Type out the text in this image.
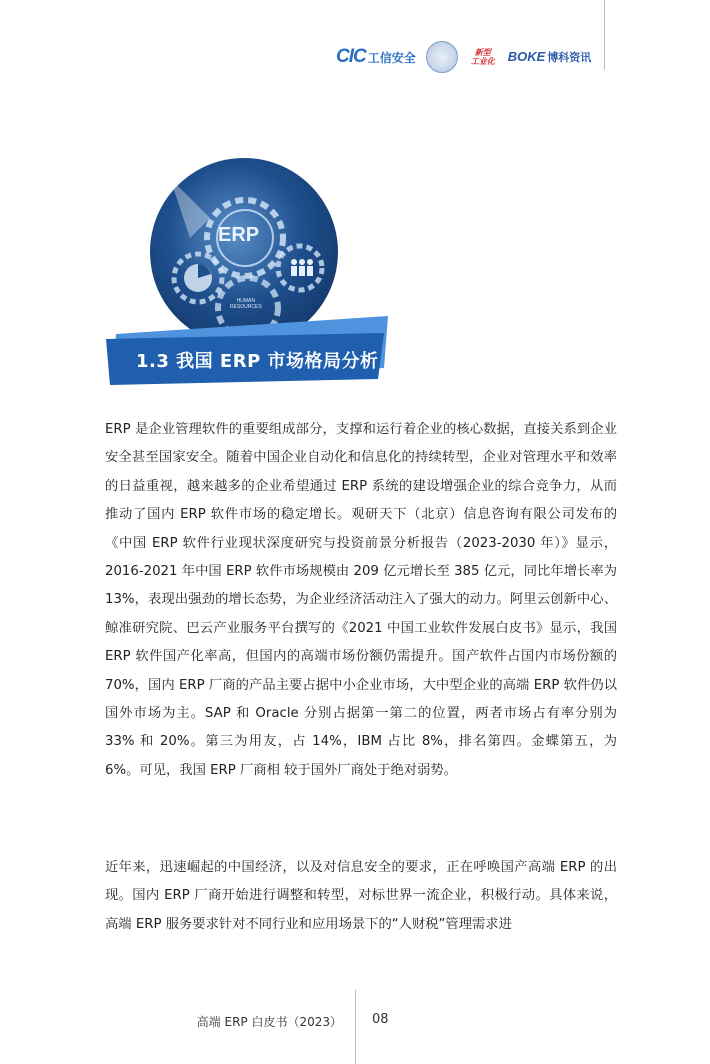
CIC 工信安全	新型
工业化 BOKE 博科资讯
ERP
HUMAN
RESOURCES
1.3 我国 ERP 市场格局分析

ERP 是企业管理软件的重要组成部分，支撑和运行着企业的核心数据，直接关系到企业安全甚至国家安全。随着中国企业自动化和信息化的持续转型，企业对管理水平和效率的日益重视，越来越多的企业希望通过 ERP 系统的建设增强企业的综合竞争力，从而推动了国内 ERP 软件市场的稳定增长。观研天下（北京）信息咨询有限公司发布的《中国 ERP 软件行业现状深度研究与投资前景分析报告（2023-2030 年）》显示，2016-2021 年中国 ERP 软件市场规模由 209 亿元增长至 385 亿元，同比年增长率为 13%，表现出强劲的增长态势，为企业经济活动注入了强大的动力。阿里云创新中心、鲸准研究院、巴云产业服务平台撰写的《2021 中国工业软件发展白皮书》显示，我国 ERP 软件国产化率高，但国内的高端市场份额仍需提升。国产软件占国内市场份额的 70%，国内 ERP 厂商的产品主要占据中小企业市场，大中型企业的高端 ERP 软件仍以国外市场为主。SAP 和 Oracle 分别占据第一第二的位置，两者市场占有率分别为 33% 和 20%。第三为用友，占 14%，IBM 占比 8%，排名第四。金蝶第五，为 6%。可见，我国 ERP 厂商相 较于国外厂商处于绝对弱势。

近年来，迅速崛起的中国经济，以及对信息安全的要求，正在呼唤国产高端 ERP 的出现。国内 ERP 厂商开始进行调整和转型，对标世界一流企业，积极行动。具体来说，高端 ERP 服务要求针对不同行业和应用场景下的“人财税”管理需求进

高端 ERP 白皮书（2023） 08
